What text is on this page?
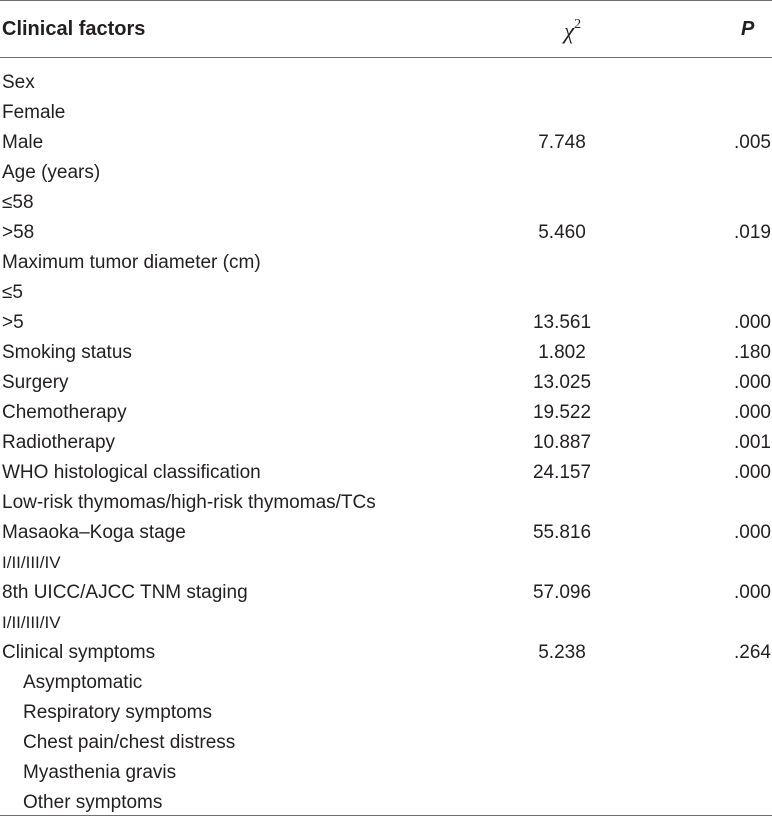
Clinical factors	$\chi^2$	P
Sex
Female
Male	7.748	.005
Age (years)
≤58
>58	5.460	.019
Maximum tumor diameter (cm)
≤5
>5	13.561	.000
Smoking status	1.802	.180
Surgery	13.025	.000
Chemotherapy	19.522	.000
Radiotherapy	10.887	.001
WHO histological classification	24.157	.000
Low-risk thymomas/high-risk thymomas/TCs
Masaoka–Koga stage	55.816	.000
I/II/III/IV
8th UICC/AJCC TNM staging	57.096	.000
I/II/III/IV
Clinical symptoms	5.238	.264
Asymptomatic
Respiratory symptoms
Chest pain/chest distress
Myasthenia gravis
Other symptoms
